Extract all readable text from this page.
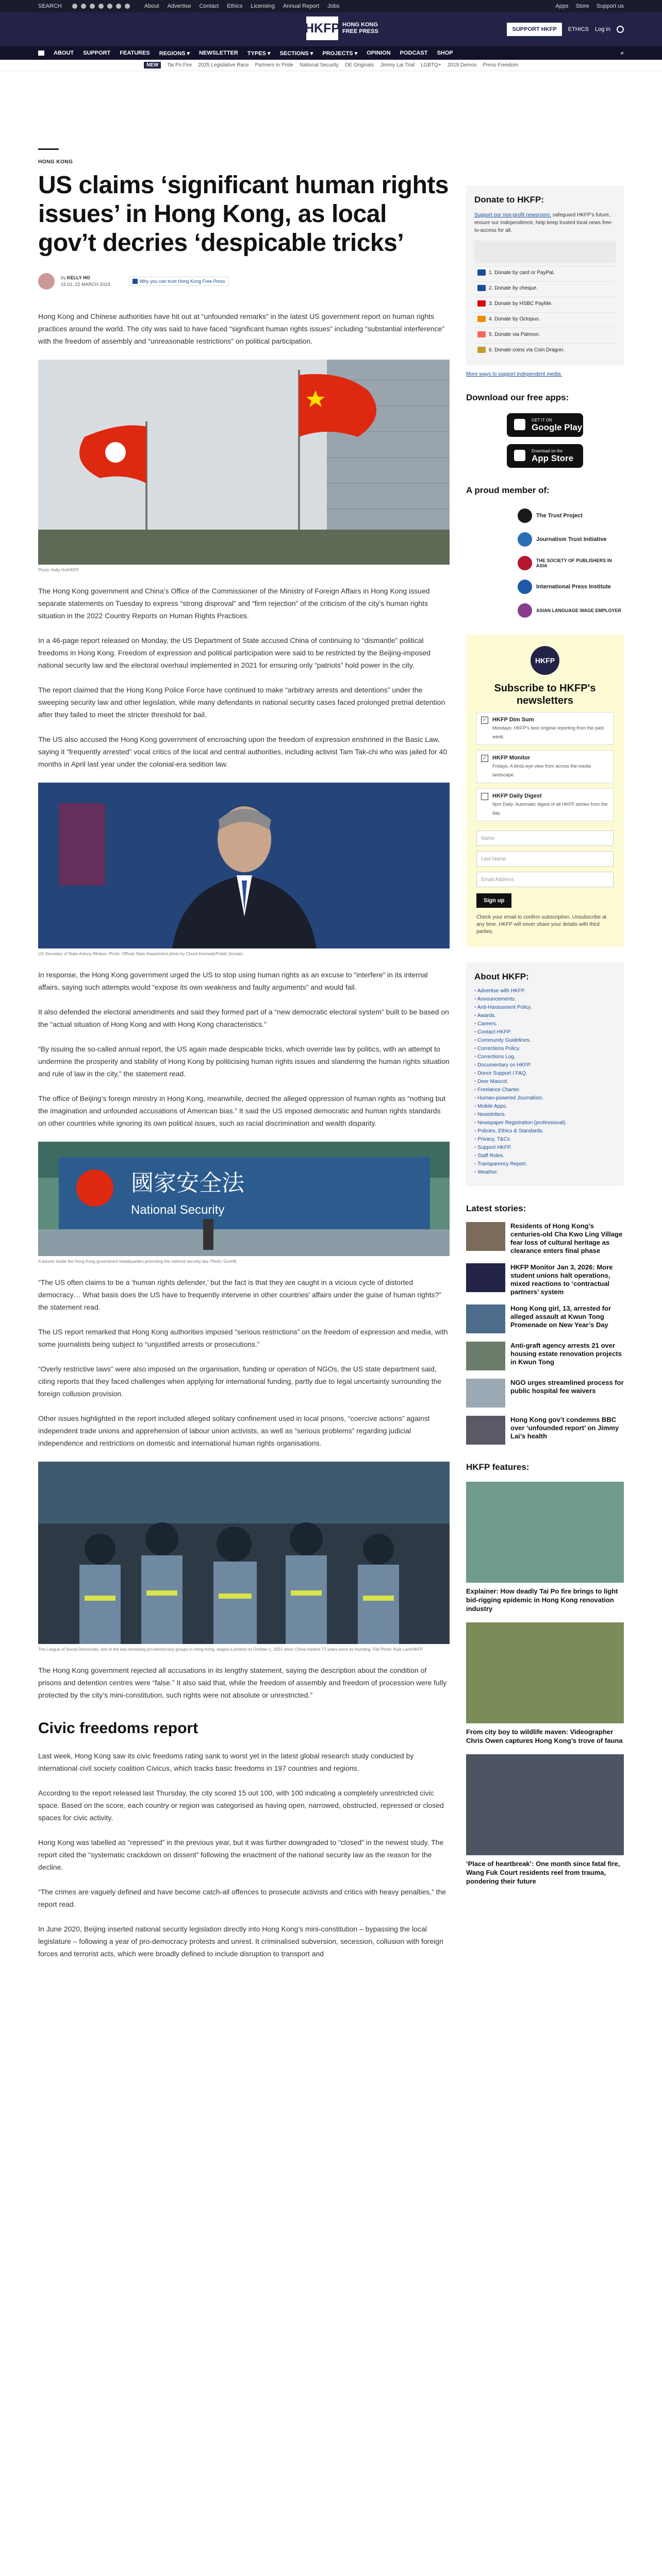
SEARCH	About Advertise Contact Ethics Licensing Annual Report Jobs	Apps Store Support us
HKFP HONG KONG FREE PRESS	SUPPORT HKFP	ETHICS Log in
ABOUT SUPPORT FEATURES REGIONS ▾ NEWSLETTER TYPES ▾ SECTIONS ▾ PROJECTS ▾ OPINION PODCAST SHOP	⌕
NEW	Tai Po Fire 2025 Legislative Race Partners in Pride National Security OE Originals Jimmy Lai Trial LGBTQ+ 2019 Demos Press Freedom
HONG KONG
US claims ‘significant human rights issues’ in Hong Kong, as local gov’t decries ‘despicable tricks’
by KELLY HO
15:01, 22 MARCH 2023
Why you can trust Hong Kong Free Press

Hong Kong and Chinese authorities have hit out at “unfounded remarks” in the latest US government report on human rights practices around the world. The city was said to have faced “significant human rights issues” including “substantial interference” with the freedom of assembly and “unreasonable restrictions” on political participation.

Photo: Kelly Ho/HKFP.

The Hong Kong government and China’s Office of the Commissioner of the Ministry of Foreign Affairs in Hong Kong issued separate statements on Tuesday to express “strong disproval” and “firm rejection” of the criticism of the city’s human rights situation in the 2022 Country Reports on Human Rights Practices.

In a 46-page report released on Monday, the US Department of State accused China of continuing to “dismantle” political freedoms in Hong Kong. Freedom of expression and political participation were said to be restricted by the Beijing-imposed national security law and the electoral overhaul implemented in 2021 for ensuring only “patriots” hold power in the city.

The report claimed that the Hong Kong Police Force have continued to make “arbitrary arrests and detentions” under the sweeping security law and other legislation, while many defendants in national security cases faced prolonged pretrial detention after they failed to meet the stricter threshold for bail.

The US also accused the Hong Kong government of encroaching upon the freedom of expression enshrined in the Basic Law, saying it “frequently arrested” vocal critics of the local and central authorities, including activist Tam Tak-chi who was jailed for 40 months in April last year under the colonial-era sedition law.

US Secretary of State Antony Blinken. Photo: Official State Department photo by Chuck Kennedy/Public Domain.

In response, the Hong Kong government urged the US to stop using human rights as an excuse to “interfere” in its internal affairs, saying such attempts would “expose its own weakness and faulty arguments” and would fail.

It also defended the electoral amendments and said they formed part of a “new democratic electoral system” built to be based on the “actual situation of Hong Kong and with Hong Kong characteristics.”

“By issuing the so-called annual report, the US again made despicable tricks, which override law by politics, with an attempt to undermine the prosperity and stability of Hong Kong by politicising human rights issues and slandering the human rights situation and rule of law in the city,” the statement read.

The office of Beijing’s foreign ministry in Hong Kong, meanwhile, decried the alleged oppression of human rights as “nothing but the imagination and unfounded accusations of American bias.” It said the US imposed democratic and human rights standards on other countries while ignoring its own political issues, such as racial discrimination and wealth disparity.

國家安全法
National Security
A banner inside the Hong Kong government headquarters promoting the national security law. Photo: GovHK.

“The US often claims to be a ‘human rights defender,’ but the fact is that they are caught in a vicious cycle of distorted democracy… What basis does the US have to frequently intervene in other countries’ affairs under the guise of human rights?” the statement read.

The US report remarked that Hong Kong authorities imposed “serious restrictions” on the freedom of expression and media, with some journalists being subject to “unjustified arrests or prosecutions.”

“Overly restrictive laws” were also imposed on the organisation, funding or operation of NGOs, the US state department said, citing reports that they faced challenges when applying for international funding, partly due to legal uncertainty surrounding the foreign collusion provision.

Other issues highlighted in the report included alleged solitary confinement used in local prisons, “coercive actions” against independent trade unions and apprehension of labour union activists, as well as “serious problems” regarding judicial independence and restrictions on domestic and international human rights organisations.

The League of Social Democrats, one of the last remaining pro-democracy groups in Hong Kong, staged a protest on October 1, 2021 when China marked 72 years since its founding. File Photo: Kyle Lam/HKFP.

The Hong Kong government rejected all accusations in its lengthy statement, saying the description about the condition of prisons and detention centres were “false.” It also said that, while the freedom of assembly and freedom of procession were fully protected by the city’s mini-constitution, such rights were not absolute or unrestricted.”

Civic freedoms report

Last week, Hong Kong saw its civic freedoms rating sank to worst yet in the latest global research study conducted by international civil society coalition Civicus, which tracks basic freedoms in 197 countries and regions.

According to the report released last Thursday, the city scored 15 out 100, with 100 indicating a completely unrestricted civic space. Based on the score, each country or region was categorised as having open, narrowed, obstructed, repressed or closed spaces for civic activity.

Hong Kong was labelled as “repressed” in the previous year, but it was further downgraded to “closed” in the newest study. The report cited the “systematic crackdown on dissent” following the enactment of the national security law as the reason for the decline.

“The crimes are vaguely defined and have become catch-all offences to prosecute activists and critics with heavy penalties,” the report read.

In June 2020, Beijing inserted national security legislation directly into Hong Kong’s mini-constitution – bypassing the local legislature – following a year of pro-democracy protests and unrest. It criminalised subversion, secession, collusion with foreign forces and terrorist acts, which were broadly defined to include disruption to transport and

Donate to HKFP:
Support our non-profit newsroom: safeguard HKFP’s future, ensure our independence, help keep trusted local news free-to-access for all.
1. Donate by card or PayPal.
2. Donate by cheque.
3. Donate by HSBC PayMe.
4. Donate by Octopus.
5. Donate via Patreon.
6. Donate coins via Coin Dragon.
More ways to support independent media.
Download our free apps:
GET IT ON
Google Play
Download on the
App Store
A proud member of:
The Trust Project
Journalism Trust Initiative
THE SOCIETY OF PUBLISHERS IN ASIA
International Press Institute
ASIAN LANGUAGE WAGE EMPLOYER
HKFP
Subscribe to HKFP's newsletters
✓ HKFP Dim Sum
Mondays: HKFP’s best original reporting from the past week.
✓ HKFP Monitor
Fridays: A birds-eye view from across the media landscape.
HKFP Daily Digest
9pm Daily: Automatic digest of all HKFP stories from the day.
Name
Last Name
Email Address
Sign up
Check your email to confirm subscription. Unsubscribe at any time. HKFP will never share your details with third parties.
About HKFP:
• Advertise with HKFP.
• Announcements.
• Anti-Harassment Policy.
• Awards.
• Careers.
• Contact HKFP.
• Community Guidelines.
• Corrections Policy.
• Corrections Log.
• Documentary on HKFP.
• Donor Support / FAQ.
• Deer Mascot.
• Freelance Charter.
• Human-powered Journalism.
• Mobile Apps.
• Newsletters.
• Newspaper Registration (professional).
• Policies, Ethics & Standards.
• Privacy, T&Cs.
• Support HKFP.
• Staff Roles.
• Transparency Report.
• Weather.
Latest stories:
Residents of Hong Kong’s centuries-old Cha Kwo Ling Village fear loss of cultural heritage as clearance enters final phase
HKFP Monitor Jan 3, 2026: More student unions halt operations, mixed reactions to ‘contractual partners’ system
Hong Kong girl, 13, arrested for alleged assault at Kwun Tong Promenade on New Year’s Day
Anti-graft agency arrests 21 over housing estate renovation projects in Kwun Tong
NGO urges streamlined process for public hospital fee waivers
Hong Kong gov’t condemns BBC over ‘unfounded report’ on Jimmy Lai’s health
HKFP features:
Explainer: How deadly Tai Po fire brings to light bid-rigging epidemic in Hong Kong renovation industry
From city boy to wildlife maven: Videographer Chris Owen captures Hong Kong’s trove of fauna
‘Place of heartbreak’: One month since fatal fire, Wang Fuk Court residents reel from trauma, pondering their future
